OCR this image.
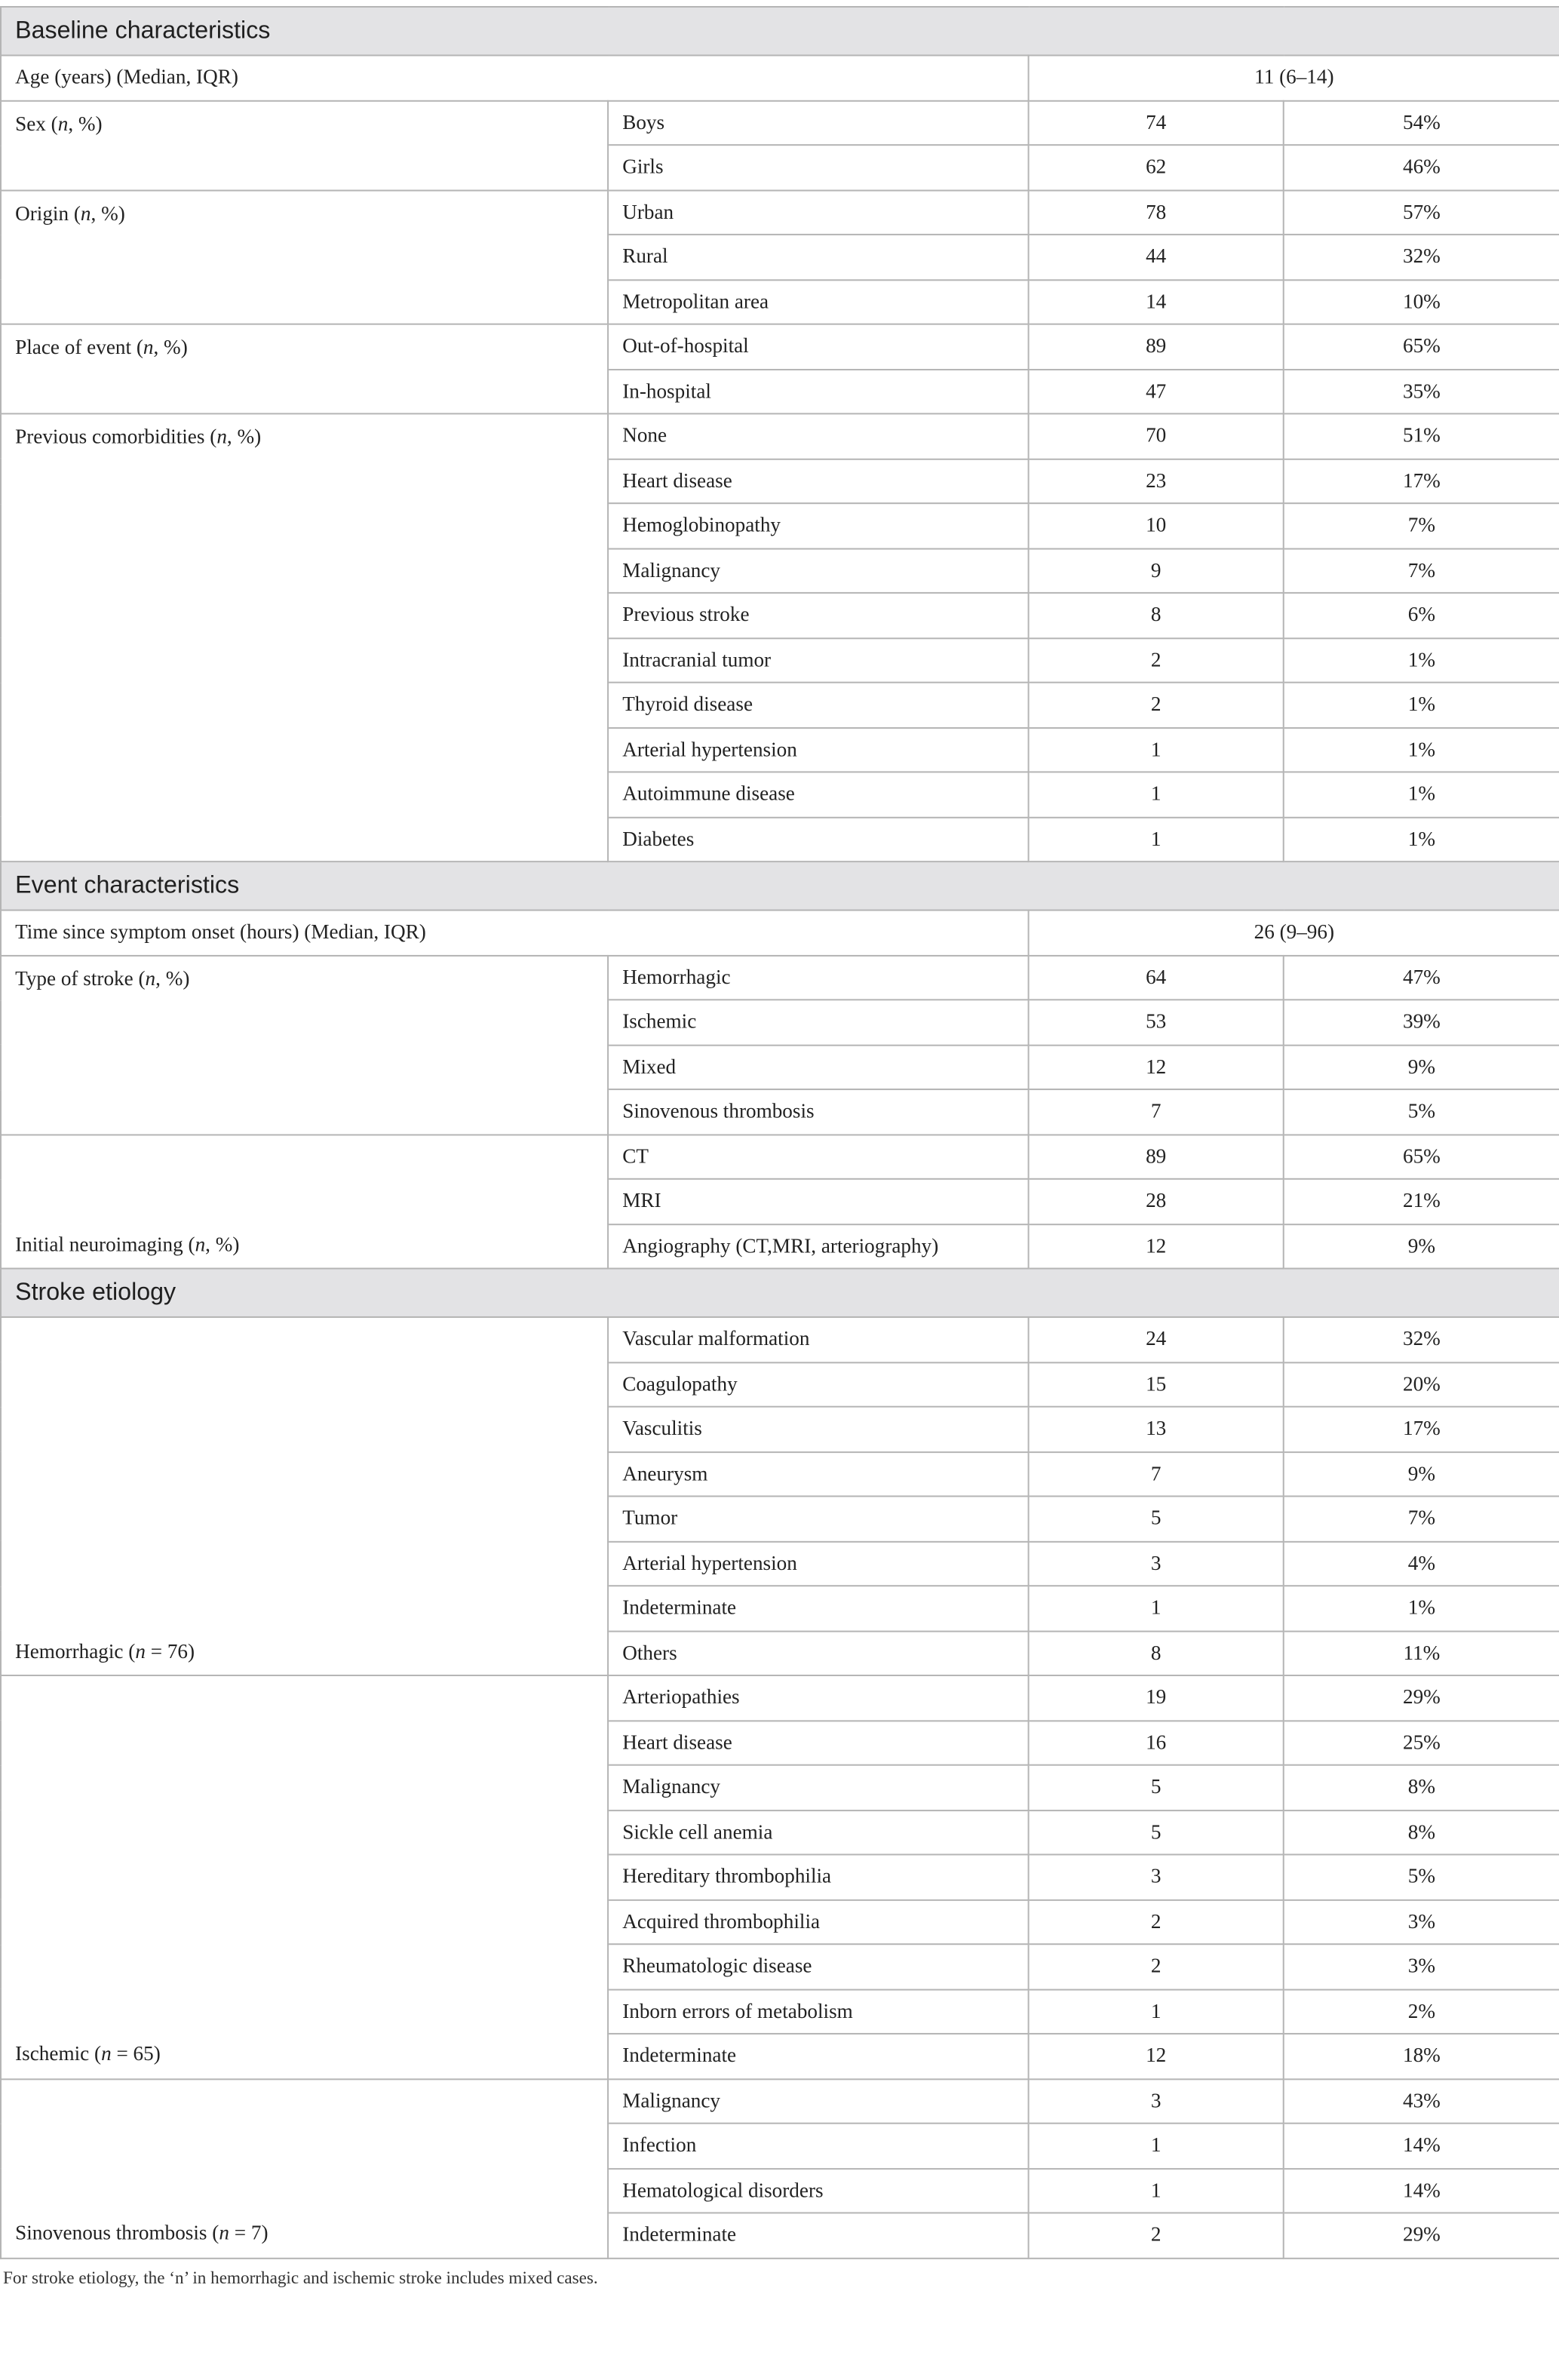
Baseline characteristics			
Age (years) (Median, IQR)		11 (6–14)	
Sex (n, %)	Boys	74	54%
	Girls	62	46%
Origin (n, %)	Urban	78	57%
	Rural	44	32%
	Metropolitan area	14	10%
Place of event (n, %)	Out-of-hospital	89	65%
	In-hospital	47	35%
Previous comorbidities (n, %)	None	70	51%
	Heart disease	23	17%
	Hemoglobinopathy	10	7%
	Malignancy	9	7%
	Previous stroke	8	6%
	Intracranial tumor	2	1%
	Thyroid disease	2	1%
	Arterial hypertension	1	1%
	Autoimmune disease	1	1%
	Diabetes	1	1%
Event characteristics			
Time since symptom onset (hours) (Median, IQR)		26 (9–96)	
Type of stroke (n, %)	Hemorrhagic	64	47%
	Ischemic	53	39%
	Mixed	12	9%
	Sinovenous thrombosis	7	5%
Initial neuroimaging (n, %)	CT	89	65%
	MRI	28	21%
	Angiography (CT,MRI, arteriography)	12	9%
Stroke etiology			
Hemorrhagic (n = 76)	Vascular malformation	24	32%
	Coagulopathy	15	20%
	Vasculitis	13	17%
	Aneurysm	7	9%
	Tumor	5	7%
	Arterial hypertension	3	4%
	Indeterminate	1	1%
	Others	8	11%
Ischemic (n = 65)	Arteriopathies	19	29%
	Heart disease	16	25%
	Malignancy	5	8%
	Sickle cell anemia	5	8%
	Hereditary thrombophilia	3	5%
	Acquired thrombophilia	2	3%
	Rheumatologic disease	2	3%
	Inborn errors of metabolism	1	2%
	Indeterminate	12	18%
Sinovenous thrombosis (n = 7)	Malignancy	3	43%
	Infection	1	14%
	Hematological disorders	1	14%
	Indeterminate	2	29%
For stroke etiology, the ‘n’ in hemorrhagic and ischemic stroke includes mixed cases.
